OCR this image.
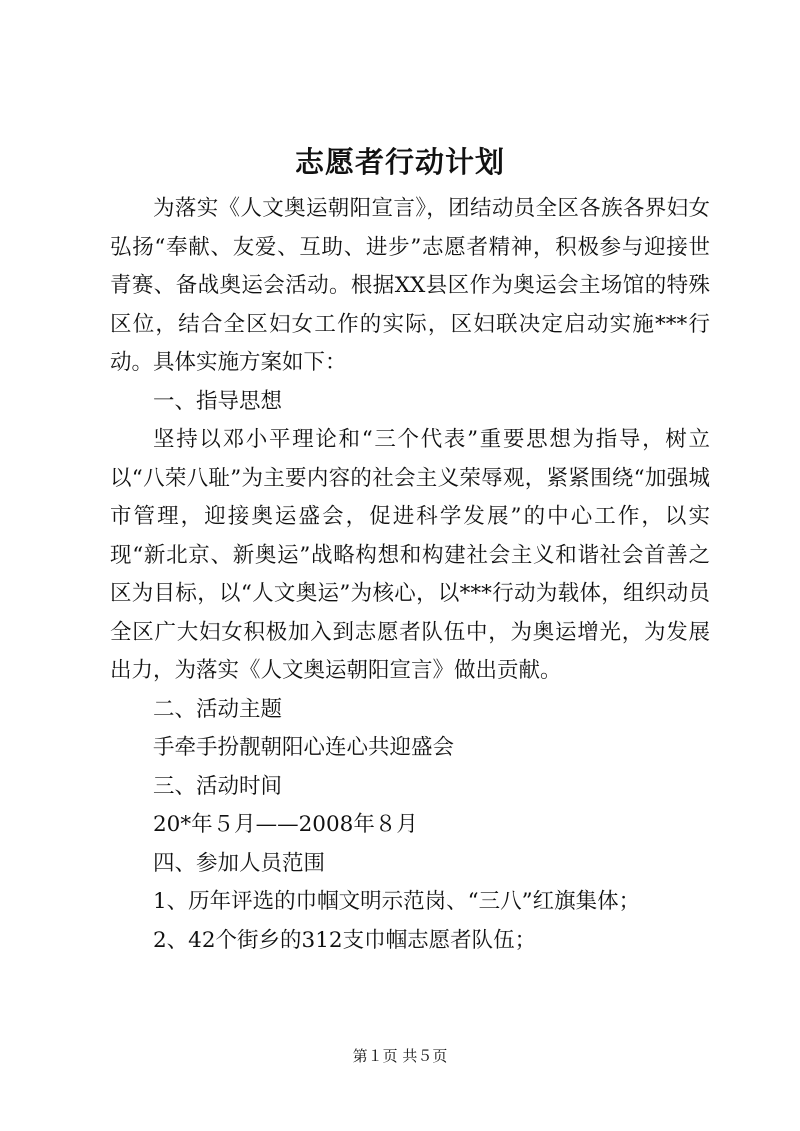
志愿者行动计划

为落实《人文奥运朝阳宣言》，团结动员全区各族各界妇女弘扬“奉献、友爱、互助、进步”志愿者精神，积极参与迎接世青赛、备战奥运会活动。根据XX县区作为奥运会主场馆的特殊区位，结合全区妇女工作的实际，区妇联决定启动实施***行动。具体实施方案如下：

一、指导思想

坚持以邓小平理论和“三个代表”重要思想为指导，树立以“八荣八耻”为主要内容的社会主义荣辱观，紧紧围绕“加强城市管理，迎接奥运盛会，促进科学发展”的中心工作，以实现“新北京、新奥运”战略构想和构建社会主义和谐社会首善之区为目标，以“人文奥运”为核心，以***行动为载体，组织动员全区广大妇女积极加入到志愿者队伍中，为奥运增光，为发展出力，为落实《人文奥运朝阳宣言》做出贡献。

二、活动主题

手牵手扮靓朝阳心连心共迎盛会

三、活动时间

20*年５月——2008年８月

四、参加人员范围

1、历年评选的巾帼文明示范岗、“三八”红旗集体；

2、42个街乡的312支巾帼志愿者队伍；

第１页 共５页
